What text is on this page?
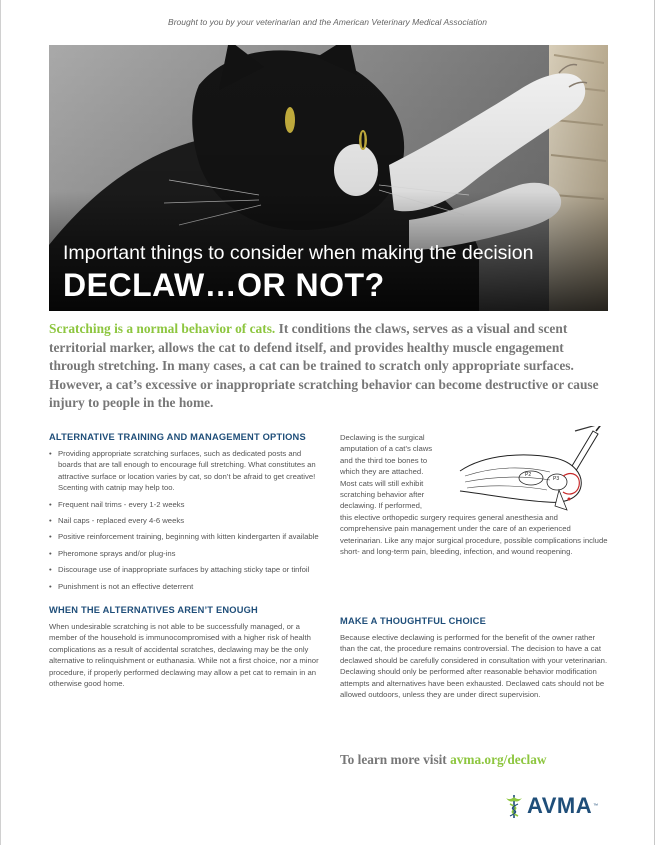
Brought to you by your veterinarian and the American Veterinary Medical Association
Important things to consider when making the decision
DECLAW…OR NOT?
Scratching is a normal behavior of cats. It conditions the claws, serves as a visual and scent territorial marker, allows the cat to defend itself, and provides healthy muscle engagement through stretching. In many cases, a cat can be trained to scratch only appropriate surfaces. However, a cat’s excessive or inappropriate scratching behavior can become destructive or cause injury to people in the home.
ALTERNATIVE TRAINING AND MANAGEMENT OPTIONS
• Providing appropriate scratching surfaces, such as dedicated posts and boards that are tall enough to encourage full stretching. What constitutes an attractive surface or location varies by cat, so don’t be afraid to get creative! Scenting with catnip may help too.
• Frequent nail trims - every 1-2 weeks
• Nail caps - replaced every 4-6 weeks
• Positive reinforcement training, beginning with kitten kindergarten if available
• Pheromone sprays and/or plug-ins
• Discourage use of inappropriate surfaces by attaching sticky tape or tinfoil
• Punishment is not an effective deterrent
WHEN THE ALTERNATIVES AREN’T ENOUGH

When undesirable scratching is not able to be successfully managed, or a member of the household is immunocompromised with a higher risk of health complications as a result of accidental scratches, declawing may be the only alternative to relinquishment or euthanasia. While not a first choice, nor a minor procedure, if properly performed declawing may allow a pet cat to remain in an otherwise good home.

Declawing is the surgical
amputation of a cat’s claws
and the third toe bones to
which they are attached.
Most cats will still exhibit
scratching behavior after
declawing. If performed,

this elective orthopedic surgery requires general anesthesia and comprehensive pain management under the care of an experienced veterinarian. Like any major surgical procedure, possible complications include short- and long-term pain, bleeding, infection, and wound reopening.

P2
P3
MAKE A THOUGHTFUL CHOICE

Because elective declawing is performed for the benefit of the owner rather than the cat, the procedure remains controversial. The decision to have a cat declawed should be carefully considered in consultation with your veterinarian. Declawing should only be performed after reasonable behavior modification attempts and alternatives have been exhausted. Declawed cats should not be allowed outdoors, unless they are under direct supervision.

To learn more visit avma.org/declaw
AVMA ™
